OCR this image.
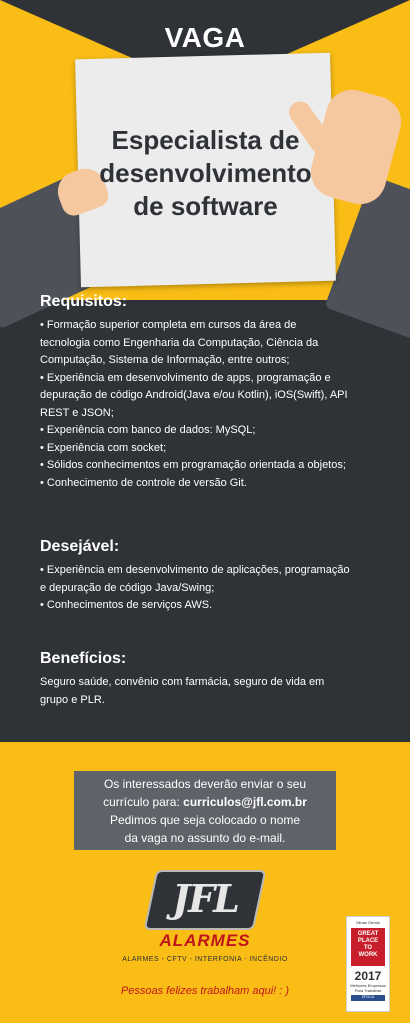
VAGA
Especialista de
desenvolvimento
de software
Requisitos:
• Formação superior completa em cursos da área de
tecnologia como Engenharia da Computação, Ciência da
Computação, Sistema de Informação, entre outros;
• Experiência em desenvolvimento de apps, programação e
depuração de código Android(Java e/ou Kotlin), iOS(Swift), API
REST e JSON;
• Experiência com banco de dados: MySQL;
• Experiência com socket;
• Sólidos conhecimentos em programação orientada a objetos;
• Conhecimento de controle de versão Git.
Desejável:
• Experiência em desenvolvimento de aplicações, programação
e depuração de código Java/Swing;
• Conhecimentos de serviços AWS.
Benefícios:
Seguro saúde, convênio com farmácia, seguro de vida em
grupo e PLR.
Os interessados deverão enviar o seu
currículo para: curriculos@jfl.com.br
Pedimos que seja colocado o nome
da vaga no assunto do e-mail.
JFL
ALARMES
ALARMES - CFTV - INTERFONIA - INCÊNDIO
Pessoas felizes trabalham aqui! : )
Minas Gerais
GREAT
PLACE
TO
WORK
2017
Melhores Empresas Para Trabalhar
ÉPOCA
